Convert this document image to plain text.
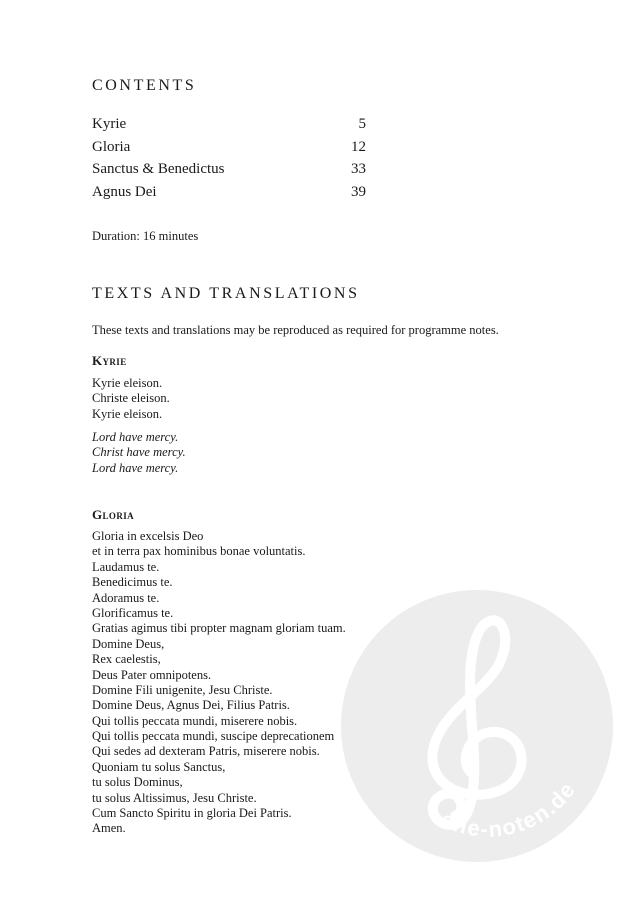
CONTENTS
Kyrie	5
Gloria	12
Sanctus & Benedictus	33
Agnus Dei	39

Duration: 16 minutes

TEXTS AND TRANSLATIONS

These texts and translations may be reproduced as required for programme notes.

Kyrie
Kyrie eleison.
Christe eleison.
Kyrie eleison.
Lord have mercy.
Christ have mercy.
Lord have mercy.
Gloria
Gloria in excelsis Deo
et in terra pax hominibus bonae voluntatis.
Laudamus te.
Benedicimus te.
Adoramus te.
Glorificamus te.
Gratias agimus tibi propter magnam gloriam tuam.
Domine Deus,
Rex caelestis,
Deus Pater omnipotens.
Domine Fili unigenite, Jesu Christe.
Domine Deus, Agnus Dei, Filius Patris.
Qui tollis peccata mundi, miserere nobis.
Qui tollis peccata mundi, suscipe deprecationem
Qui sedes ad dexteram Patris, miserere nobis.
Quoniam tu solus Sanctus,
tu solus Dominus,
tu solus Altissimus, Jesu Christe.
Cum Sancto Spiritu in gloria Dei Patris.
Amen.	alle-noten.de
